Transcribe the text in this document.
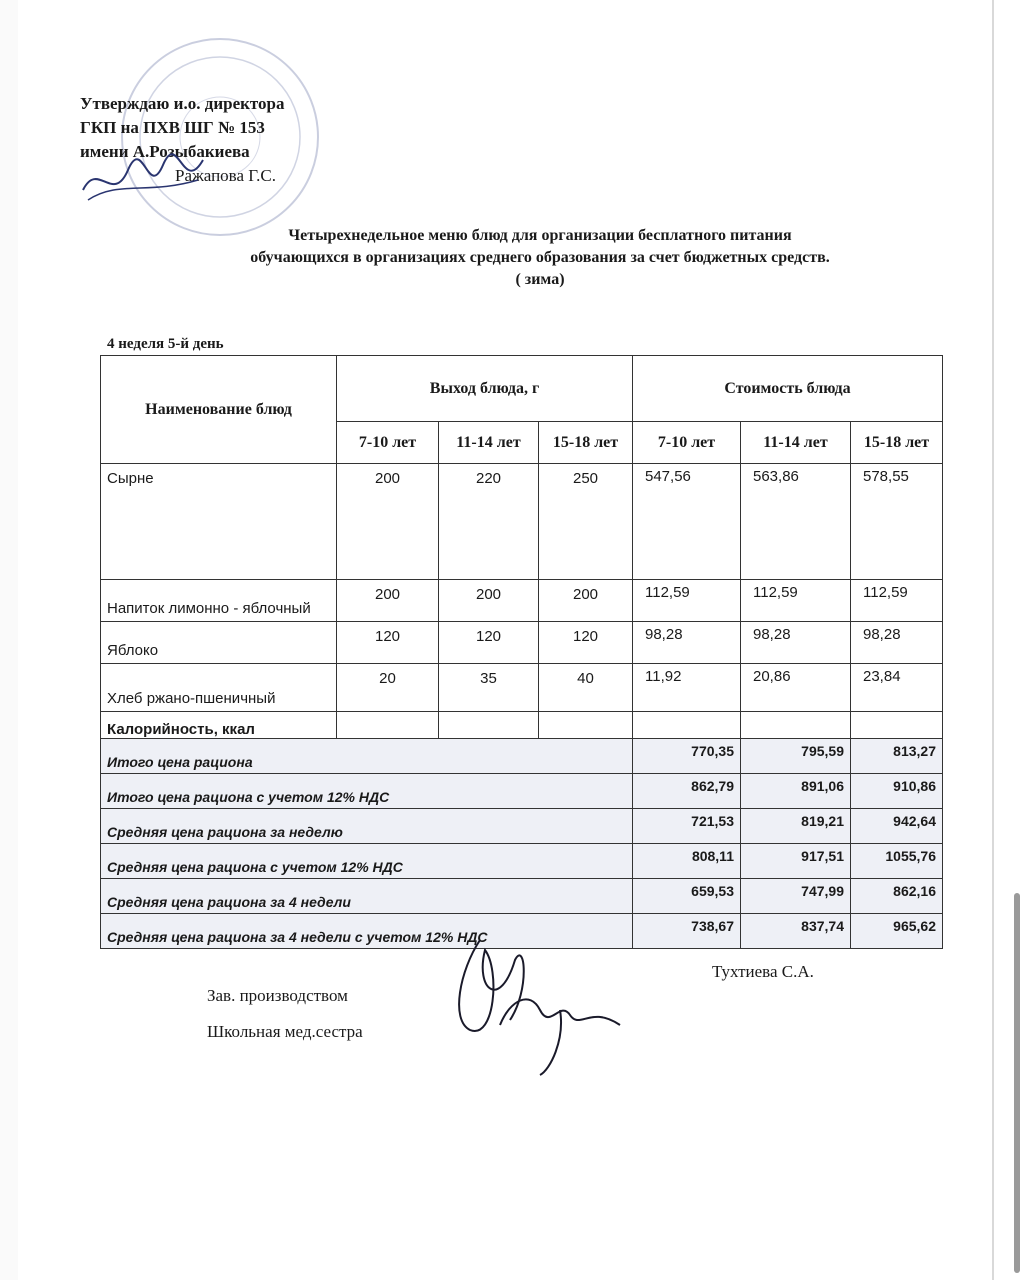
Утверждаю и.о. директора
ГКП на ПХВ ШГ № 153
имени А.Розыбакиева
Ражапова Г.С.
Четырехнедельное меню блюд для организации бесплатного питания
обучающихся в организациях среднего образования за счет бюджетных средств.
( зима)
4 неделя 5-й день
Наименование блюд	Выход блюда, г			Стоимость блюда		
	7-10 лет	11-14 лет	15-18 лет	7-10 лет	11-14 лет	15-18 лет
Сырне	200	220	250	547,56	563,86	578,55
Напиток лимонно - яблочный	200	200	200	112,59	112,59	112,59
Яблоко	120	120	120	98,28	98,28	98,28
Хлеб ржано-пшеничный	20	35	40	11,92	20,86	23,84
Калорийность, ккал						
Итого цена рациона				770,35	795,59	813,27
Итого цена рациона с учетом 12% НДС				862,79	891,06	910,86
Средняя цена рациона за неделю				721,53	819,21	942,64
Средняя цена рациона с учетом 12% НДС				808,11	917,51	1055,76
Средняя цена рациона за 4 недели				659,53	747,99	862,16
Средняя цена рациона за 4 недели с учетом 12% НДС				738,67	837,74	965,62
Зав. производством
Школьная мед.сестра
Тухтиева С.А.
